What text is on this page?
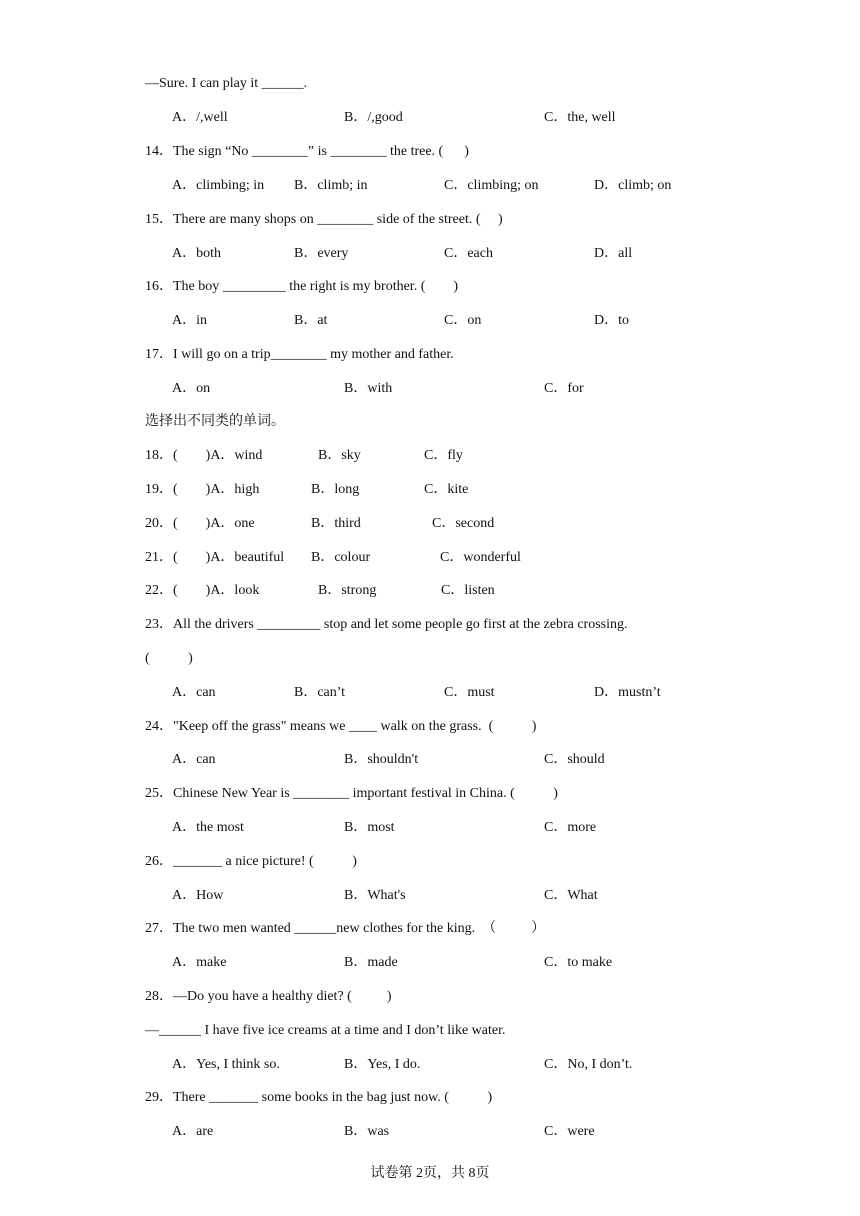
—Sure. I can play it ______.
A．/,well	B．/,good	C．the, well
14．The sign “No ________” is ________ the tree. (      )
A．climbing; in B．climb; in	C．climbing; on	D．climb; on
15．There are many shops on ________ side of the street. (     )
A．both	B．every	C．each	D．all
16．The boy _________ the right is my brother. (        )
A．in	B．at	C．on	D．to
17．I will go on a trip________ my mother and father.
A．on	B．with	C．for
选择出不同类的单词。
18．(        )A．wind	B．sky	C．fly
19．(        )A．high	B．long	C．kite
20．(        )A．one	B．third	C．second
21．(        )A．beautiful B．colour	C．wonderful
22．(        )A．look	B．strong	C．listen
23．All the drivers _________ stop and let some people go first at the zebra crossing.
(           )
A．can	B．can’t	C．must	D．mustn’t
24．"Keep off the grass" means we ____ walk on the grass.  (           )
A．can	B．shouldn't	C．should
25．Chinese New Year is ________ important festival in China. (           )
A．the most	B．most	C．more
26．_______ a nice picture! (           )
A．How	B．What's	C．What
27．The two men wanted ______new clothes for the king.  （          ）
A．make	B．made	C．to make
28．—Do you have a healthy diet? (          )
—______ I have five ice creams at a time and I don’t like water.
A．Yes, I think so.	B．Yes, I do.	C．No, I don’t.
29．There _______ some books in the bag just now. (           )
A．are	B．was	C．were
试卷第 2页，共 8页
